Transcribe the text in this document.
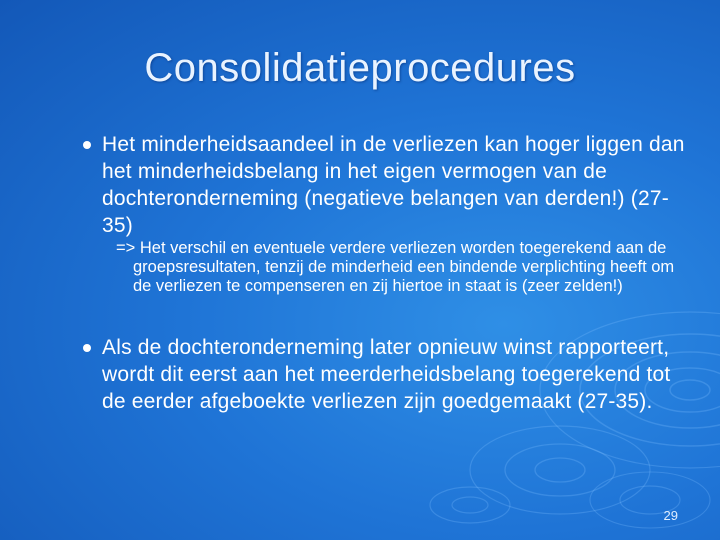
Consolidatieprocedures
Het minderheidsaandeel in de verliezen kan hoger liggen dan het minderheidsbelang in het eigen vermogen van de dochteronderneming (negatieve belangen van derden!) (27-35)
=> Het verschil en eventuele verdere verliezen worden toegerekend aan de groepsresultaten, tenzij de minderheid een bindende verplichting heeft om de verliezen te compenseren en zij hiertoe in staat is (zeer zelden!)
Als de dochteronderneming later opnieuw winst rapporteert, wordt dit eerst aan het meerderheidsbelang toegerekend tot de eerder afgeboekte verliezen zijn goedgemaakt (27-35).
29
